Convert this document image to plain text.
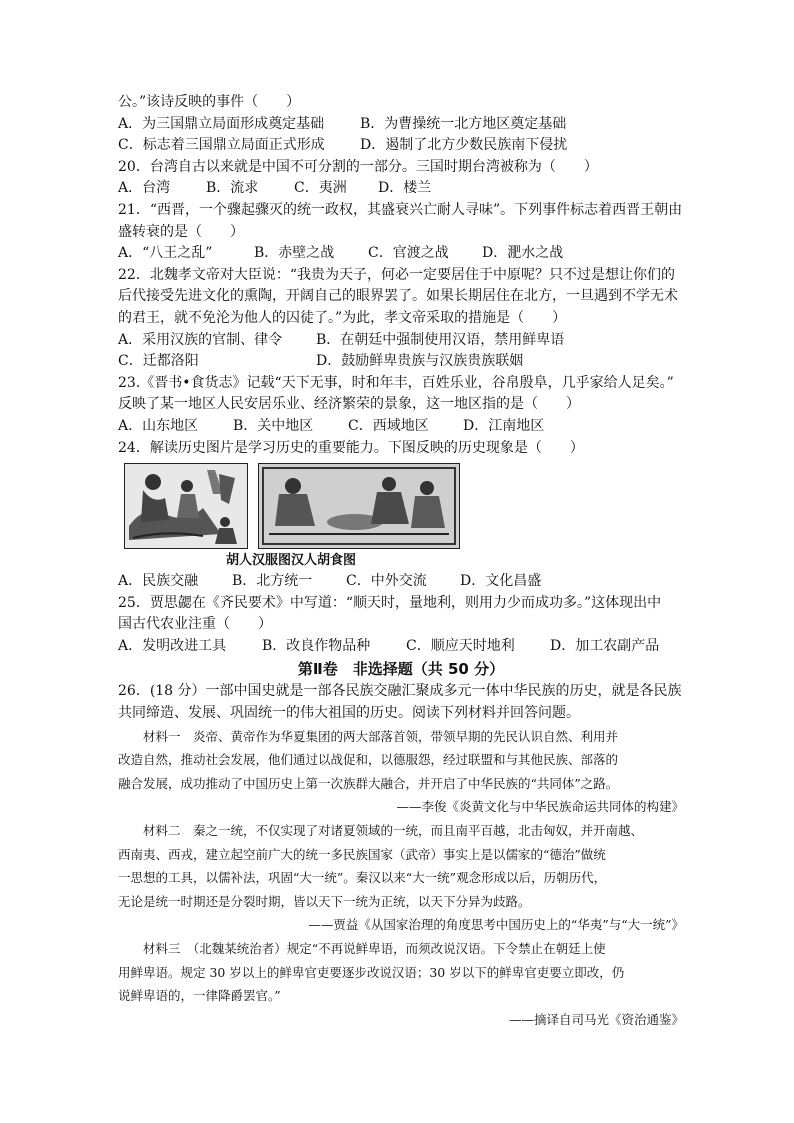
公。”该诗反映的事件（　　）
A．为三国鼎立局面形成奠定基础	B．为曹操统一北方地区奠定基础
C．标志着三国鼎立局面正式形成	D．遏制了北方少数民族南下侵扰
20．台湾自古以来就是中国不可分割的一部分。三国时期台湾被称为（　　）
A．台湾	B．流求	C．夷洲	D．楼兰
21．“西晋，一个骤起骤灭的统一政权，其盛衰兴亡耐人寻味”。下列事件标志着西晋王朝由
盛转衰的是（　　）
A．“八王之乱”	B．赤壁之战	C．官渡之战	D．淝水之战
22．北魏孝文帝对大臣说：“我贵为天子，何必一定要居住于中原呢？只不过是想让你们的
后代接受先进文化的熏陶，开阔自己的眼界罢了。如果长期居住在北方，一旦遇到不学无术
的君王，就不免沦为他人的囚徒了。”为此，孝文帝采取的措施是（　　）
A．采用汉族的官制、律令	B．在朝廷中强制使用汉语，禁用鲜卑语
C．迁都洛阳	D．鼓励鲜卑贵族与汉族贵族联姻
23.《晋书•食货志》记载“天下无事，时和年丰，百姓乐业，谷帛殷阜，几乎家给人足矣。”
反映了某一地区人民安居乐业、经济繁荣的景象，这一地区指的是（　　）
A．山东地区	B．关中地区	C．西域地区	D．江南地区
24．解读历史图片是学习历史的重要能力。下图反映的历史现象是（　　）
胡人汉服图汉人胡食图
A．民族交融	B．北方统一	C．中外交流	D．文化昌盛
25．贾思勰在《齐民要术》中写道：“顺天时，量地利，则用力少而成功多。”这体现出中
国古代农业注重（　　）
A．发明改进工具	B．改良作物品种	C．顺应天时地利	D．加工农副产品
第Ⅱ卷　非选择题（共 50 分）
26．(18 分）一部中国史就是一部各民族交融汇聚成多元一体中华民族的历史，就是各民族
共同缔造、发展、巩固统一的伟大祖国的历史。阅读下列材料并回答问题。
材料一　炎帝、黄帝作为华夏集团的两大部落首领，带领早期的先民认识自然、利用并
改造自然，推动社会发展，他们通过以战促和，以德服怨，经过联盟和与其他民族、部落的
融合发展，成功推动了中国历史上第一次族群大融合，并开启了中华民族的“共同体”之路。
——李俊《炎黄文化与中华民族命运共同体的构建》
材料二　秦之一统，不仅实现了对诸夏领域的一统，而且南平百越，北击匈奴，并开南越、
西南夷、西戎，建立起空前广大的统一多民族国家（武帝）事实上是以儒家的“德治”做统
一思想的工具，以儒补法，巩固“大一统”。秦汉以来“大一统”观念形成以后，历朝历代，
无论是统一时期还是分裂时期，皆以天下一统为正统，以天下分异为歧路。
——贾益《从国家治理的角度思考中国历史上的“华夷”与“大一统”》
材料三　（北魏某统治者）规定“不再说鲜卑语，而须改说汉语。下令禁止在朝廷上使
用鲜卑语。规定 30 岁以上的鲜卑官吏要逐步改说汉语；30 岁以下的鲜卑官吏要立即改，仍
说鲜卑语的，一律降爵罢官。”
——摘译自司马光《资治通鉴》
